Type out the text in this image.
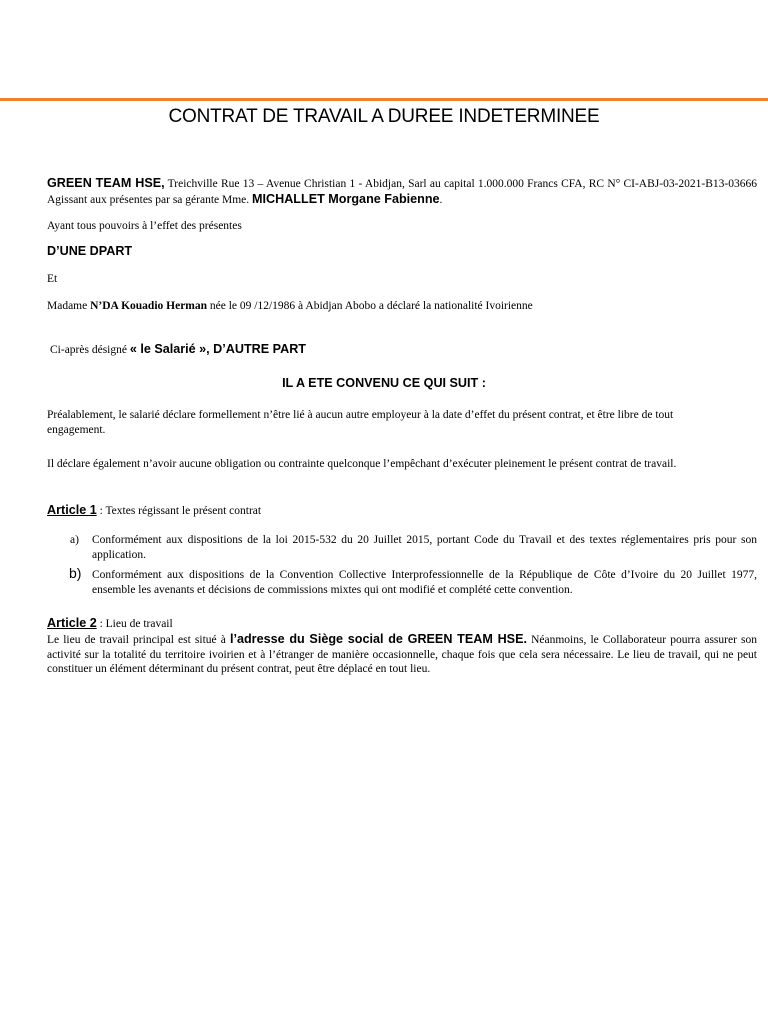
CONTRAT DE TRAVAIL A DUREE INDETERMINEE
GREEN TEAM HSE, Treichville Rue 13 – Avenue Christian 1 - Abidjan, Sarl au capital 1.000.000 Francs CFA, RC N° CI-ABJ-03-2021-B13-03666 Agissant aux présentes par sa gérante Mme. MICHALLET Morgane Fabienne.
Ayant tous pouvoirs à l’effet des présentes
D’UNE DPART
Et
Madame N’DA Kouadio Herman née le 09 /12/1986 à Abidjan Abobo a déclaré la nationalité Ivoirienne
Ci-après désigné « le Salarié », D’AUTRE PART
IL A ETE CONVENU CE QUI SUIT :
Préalablement, le salarié déclare formellement n’être lié à aucun autre employeur à la date d’effet du présent contrat, et être libre de tout engagement.
Il déclare également n’avoir aucune obligation ou contrainte quelconque l’empêchant d’exécuter pleinement le présent contrat de travail.
Article 1 : Textes régissant le présent contrat
a) Conformément aux dispositions de la loi 2015-532 du 20 Juillet 2015, portant Code du Travail et des textes réglementaires pris pour son application.
b) Conformément aux dispositions de la Convention Collective Interprofessionnelle de la République de Côte d’Ivoire du 20 Juillet 1977, ensemble les avenants et décisions de commissions mixtes qui ont modifié et complété cette convention.
Article 2 : Lieu de travail
Le lieu de travail principal est situé à l’adresse du Siège social de GREEN TEAM HSE. Néanmoins, le Collaborateur pourra assurer son activité sur la totalité du territoire ivoirien et à l’étranger de manière occasionnelle, chaque fois que cela sera nécessaire. Le lieu de travail, qui ne peut constituer un élément déterminant du présent contrat, peut être déplacé en tout lieu.
